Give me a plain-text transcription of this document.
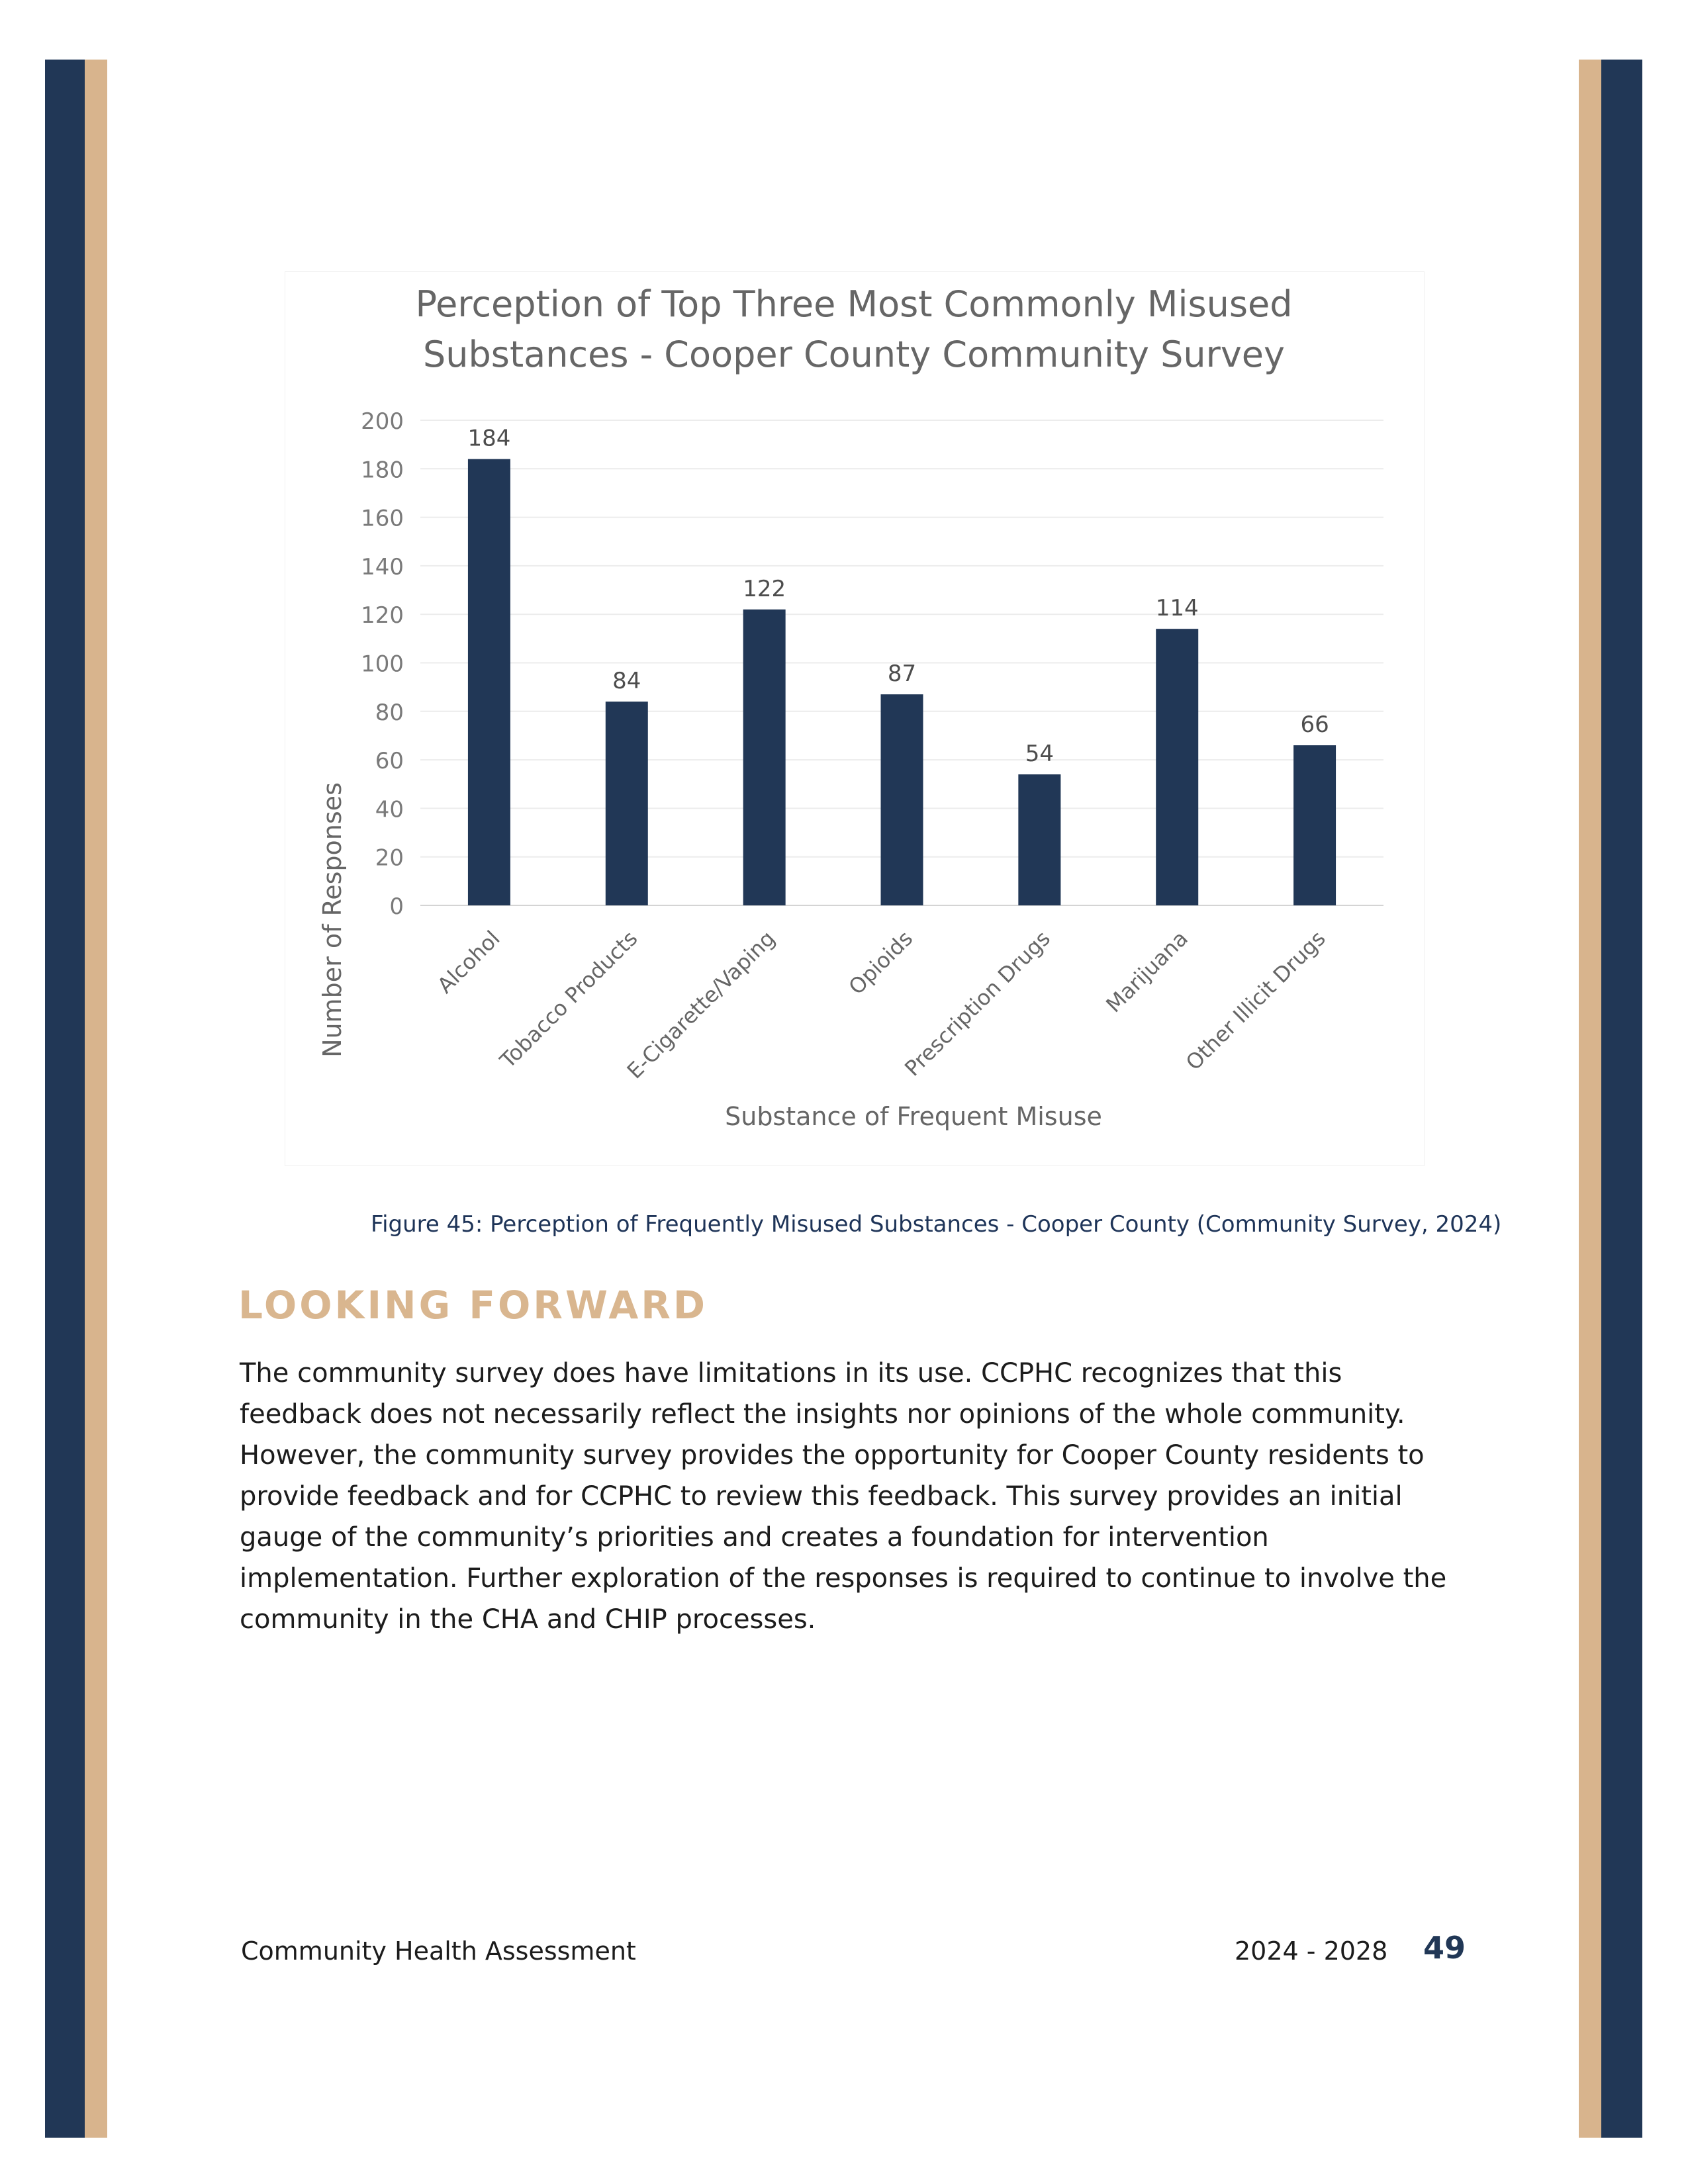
Perception of Top Three Most Commonly Misused
Substances - Cooper County Community Survey
0
20
40
60
80
100
120
140
160
180
200
184
84
122
87
54
114
66
Alcohol
Tobacco Products
E-Cigarette/Vaping	Opioids
Prescription Drugs Marijuana
Other Illicit Drugs
Number of Responses
Substance of Frequent Misuse
Figure 45: Perception of Frequently Misused Substances - Cooper County (Community Survey, 2024)
LOOKING FORWARD
The community survey does have limitations in its use. CCPHC recognizes that this feedback does not necessarily reflect the insights nor opinions of the whole community. However, the community survey provides the opportunity for Cooper County residents to provide feedback and for CCPHC to review this feedback. This survey provides an initial gauge of the community’s priorities and creates a foundation for intervention implementation. Further exploration of the responses is required to continue to involve the community in the CHA and CHIP processes.
Community Health Assessment	2024 - 2028 49
